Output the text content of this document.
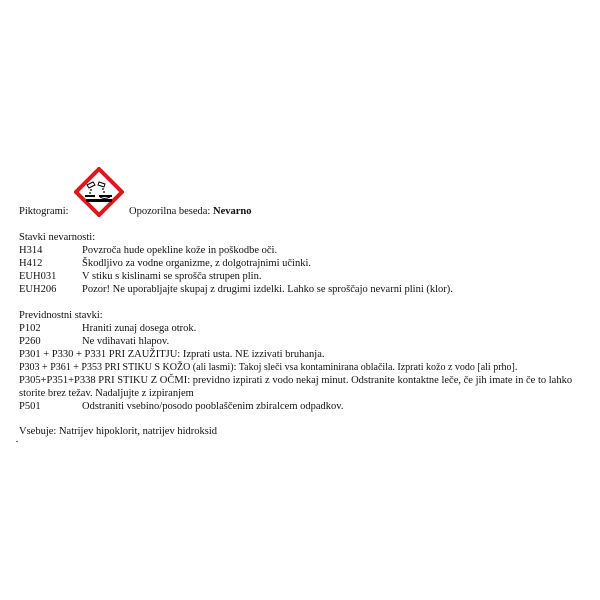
Piktogrami:	Opozorilna beseda: Nevarno
Stavki nevarnosti:
H314	Povzroča hude opekline kože in poškodbe oči.
H412	Škodljivo za vodne organizme, z dolgotrajnimi učinki.
EUH031 V stiku s kislinami se sprošča strupen plin.
EUH206 Pozor! Ne uporabljajte skupaj z drugimi izdelki. Lahko se sproščajo nevarni plini (klor).
Previdnostni stavki:
P102	Hraniti zunaj dosega otrok.
P260	Ne vdihavati hlapov.
P301 + P330 + P331 PRI ZAUŽITJU: Izprati usta. NE izzivati bruhanja.
P303 + P361 + P353 PRI STIKU S KOŽO (ali lasmi): Takoj sleči vsa kontaminirana oblačila. Izprati kožo z vodo [ali prho].
P305+P351+P338 PRI STIKU Z OČMI: previdno izpirati z vodo nekaj minut. Odstranite kontaktne leče, če jih imate in če to lahko storite brez težav. Nadaljujte z izpiranjem
P501	Odstraniti vsebino/posodo pooblaščenim zbiralcem odpadkov.
Vsebuje: Natrijev hipoklorit, natrijev hidroksid
